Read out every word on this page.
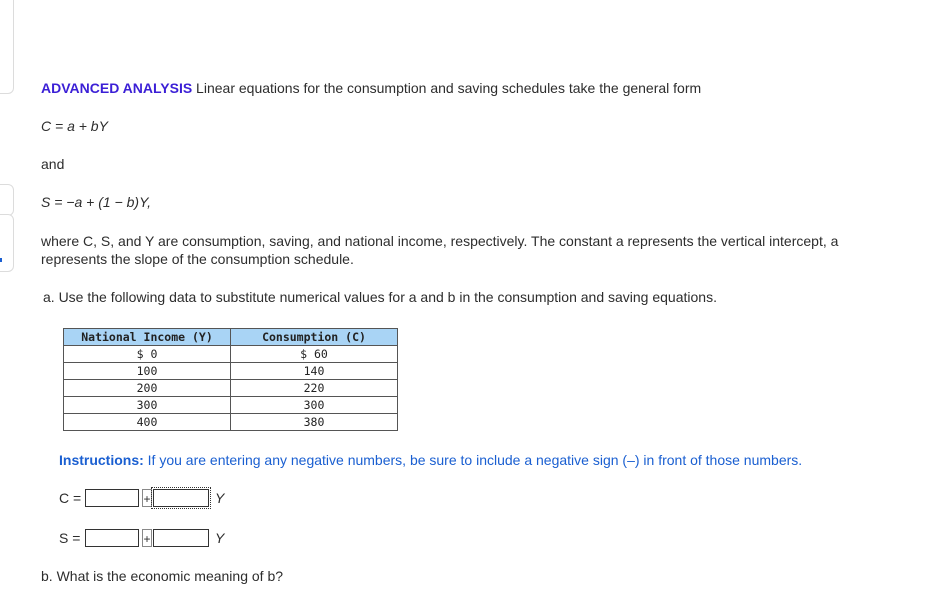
ADVANCED ANALYSIS Linear equations for the consumption and saving schedules take the general form
C = a + bY
and
S = −a + (1 − b)Y,
where C, S, and Y are consumption, saving, and national income, respectively. The constant a represents the vertical intercept, a
represents the slope of the consumption schedule.
a. Use the following data to substitute numerical values for a and b in the consumption and saving equations.
National Income (Y)	Consumption (C)
$ 0	$ 60
100	140
200	220
300	300
400	380
Instructions: If you are entering any negative numbers, be sure to include a negative sign (–) in front of those numbers.
C =	+	Y
S =	+	Y
b. What is the economic meaning of b?
